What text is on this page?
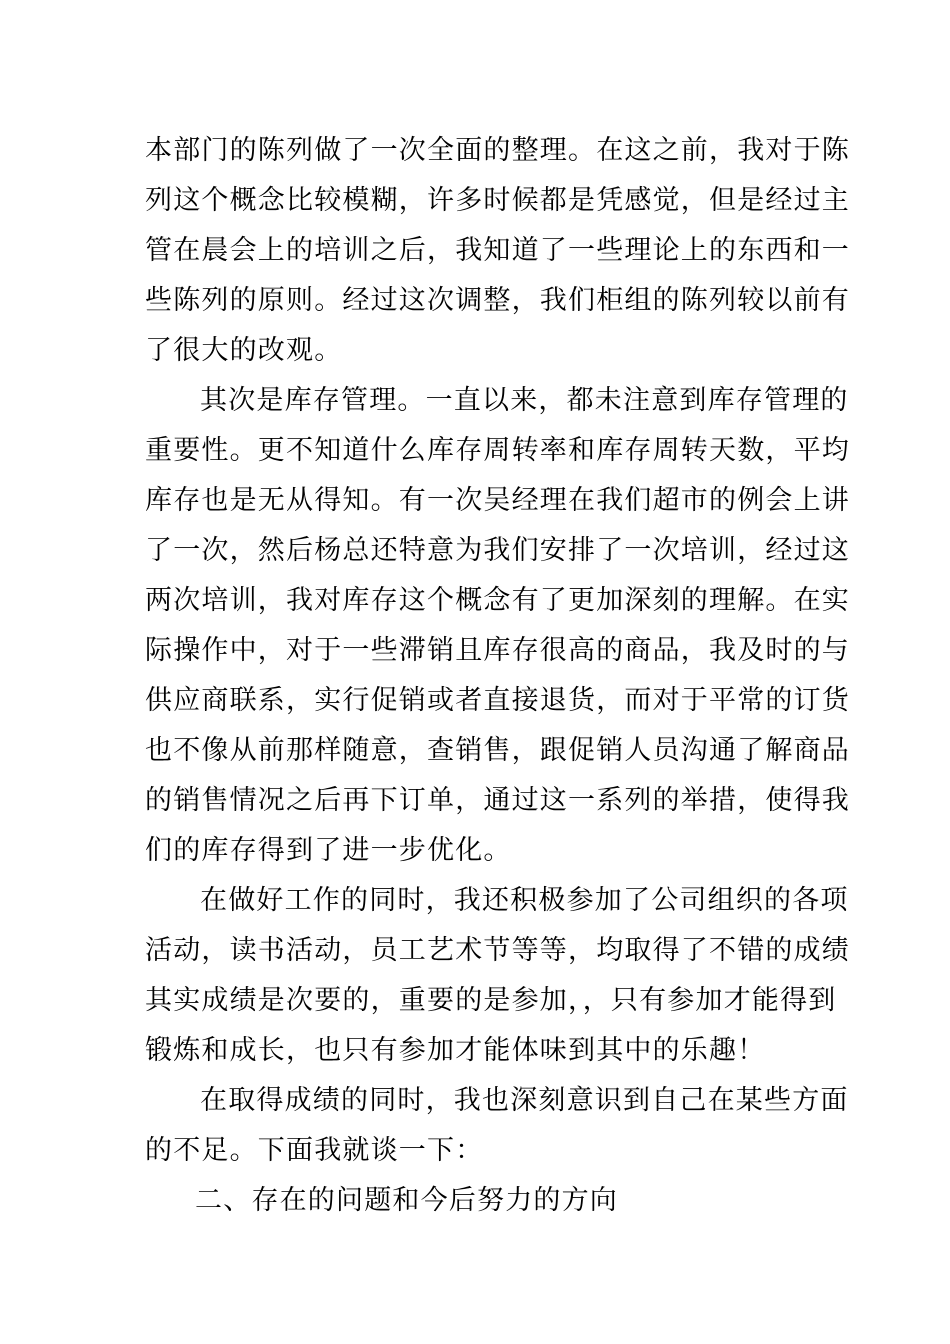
本部门的陈列做了一次全面的整理。在这之前，我对于陈
列这个概念比较模糊，许多时候都是凭感觉，但是经过主
管在晨会上的培训之后，我知道了一些理论上的东西和一
些陈列的原则。经过这次调整，我们柜组的陈列较以前有
了很大的改观。
其次是库存管理。一直以来，都未注意到库存管理的
重要性。更不知道什么库存周转率和库存周转天数，平均
库存也是无从得知。有一次吴经理在我们超市的例会上讲
了一次，然后杨总还特意为我们安排了一次培训，经过这
两次培训，我对库存这个概念有了更加深刻的理解。在实
际操作中，对于一些滞销且库存很高的商品，我及时的与
供应商联系，实行促销或者直接退货，而对于平常的订货
也不像从前那样随意，查销售，跟促销人员沟通了解商品
的销售情况之后再下订单，通过这一系列的举措，使得我
们的库存得到了进一步优化。
在做好工作的同时，我还积极参加了公司组织的各项
活动，读书活动，员工艺术节等等，均取得了不错的成绩
其实成绩是次要的，重要的是参加，，只有参加才能得到
锻炼和成长，也只有参加才能体味到其中的乐趣！
在取得成绩的同时，我也深刻意识到自己在某些方面
的不足。下面我就谈一下：
二、存在的问题和今后努力的方向
